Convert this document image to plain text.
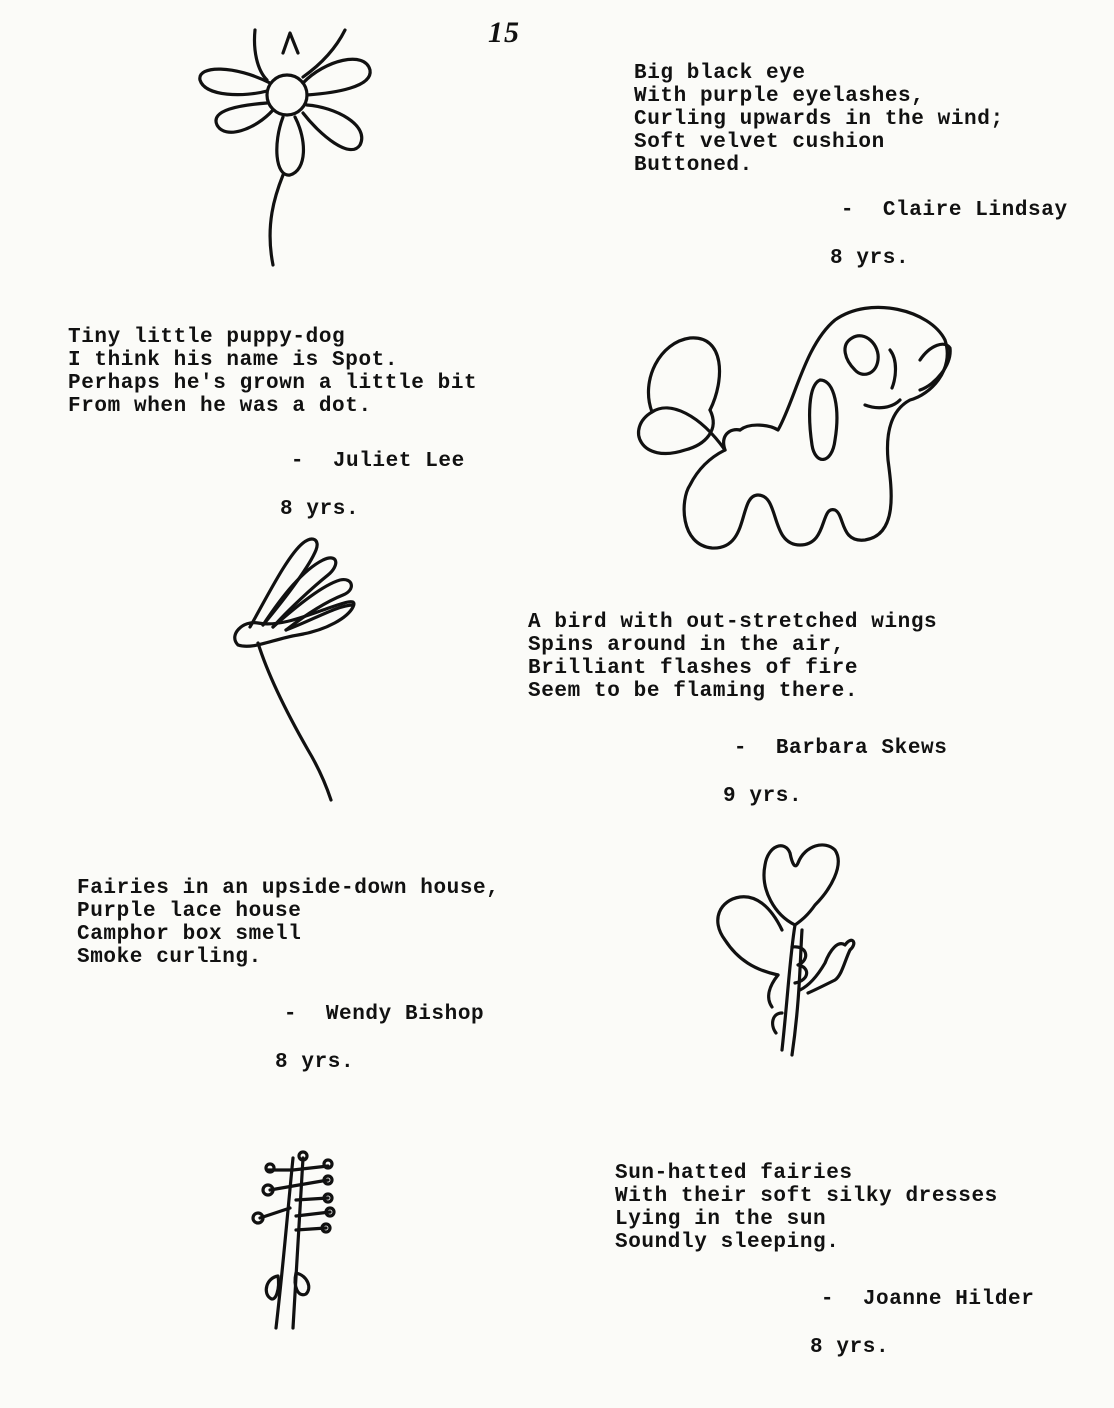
15
Big black eye
With purple eyelashes,
Curling upwards in the wind;
Soft velvet cushion
Buttoned.

- Claire Lindsay

8 yrs.

Tiny little puppy-dog
I think his name is Spot.
Perhaps he's grown a little bit
From when he was a dot.

- Juliet Lee

8 yrs.

A bird with out-stretched wings
Spins around in the air,
Brilliant flashes of fire
Seem to be flaming there.

- Barbara Skews

9 yrs.

Fairies in an upside-down house,
Purple lace house
Camphor box smell
Smoke curling.

- Wendy Bishop

8 yrs.

Sun-hatted fairies
With their soft silky dresses
Lying in the sun
Soundly sleeping.

- Joanne Hilder

8 yrs.
